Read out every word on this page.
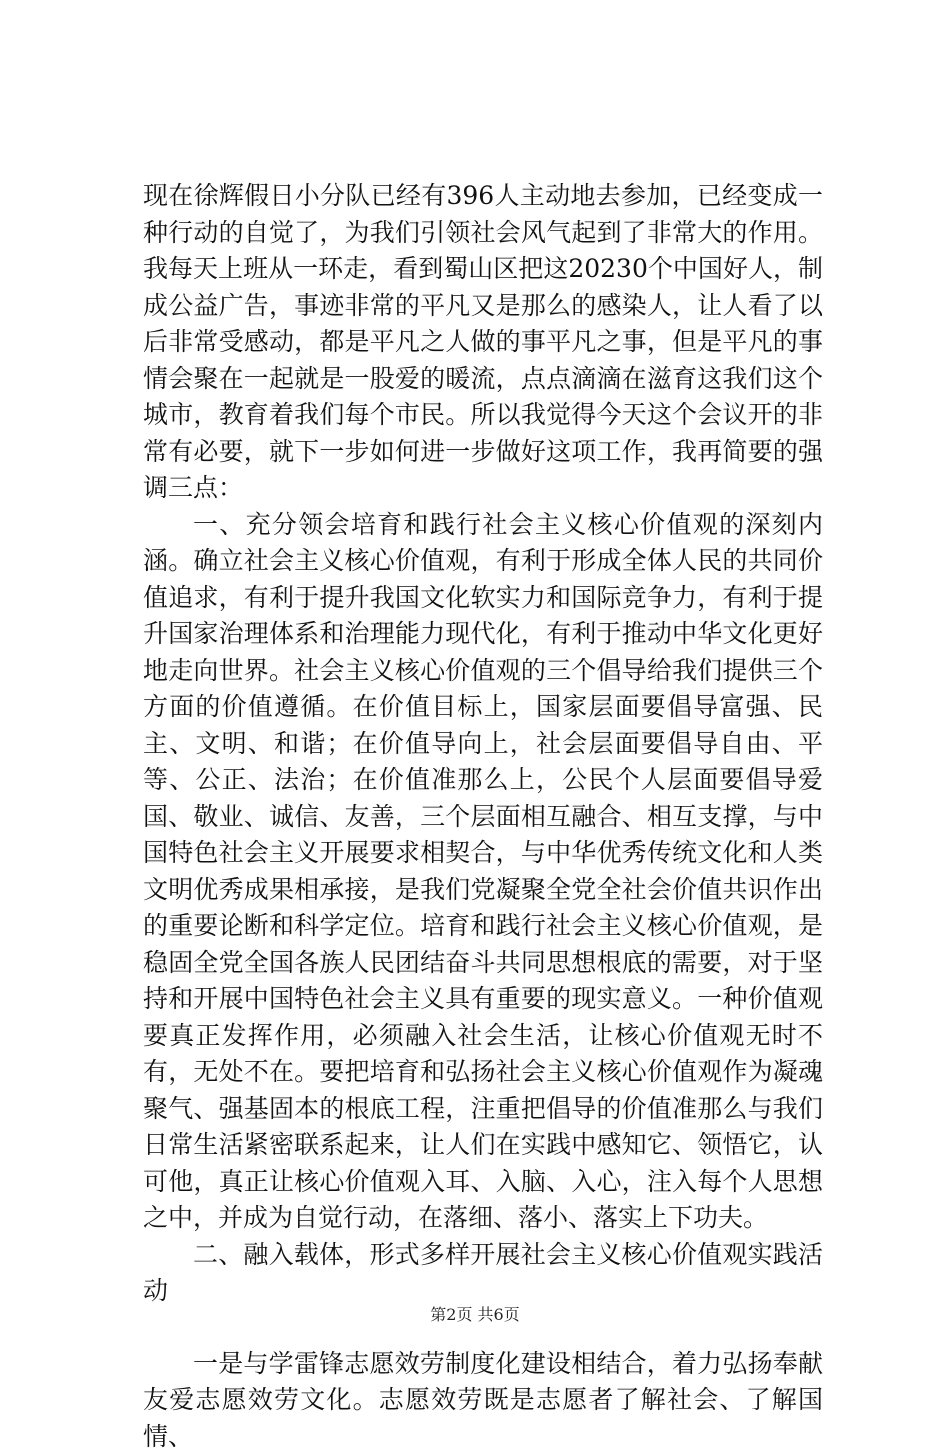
现在徐辉假日小分队已经有396人主动地去参加，已经变成一种行动的自觉了，为我们引领社会风气起到了非常大的作用。我每天上班从一环走，看到蜀山区把这20230个中国好人，制成公益广告，事迹非常的平凡又是那么的感染人，让人看了以后非常受感动，都是平凡之人做的事平凡之事，但是平凡的事情会聚在一起就是一股爱的暖流，点点滴滴在滋育这我们这个城市，教育着我们每个市民。所以我觉得今天这个会议开的非常有必要，就下一步如何进一步做好这项工作，我再简要的强调三点：

一、充分领会培育和践行社会主义核心价值观的深刻内涵。确立社会主义核心价值观，有利于形成全体人民的共同价值追求，有利于提升我国文化软实力和国际竞争力，有利于提升国家治理体系和治理能力现代化，有利于推动中华文化更好地走向世界。社会主义核心价值观的三个倡导给我们提供三个方面的价值遵循。在价值目标上，国家层面要倡导富强、民主、文明、和谐；在价值导向上，社会层面要倡导自由、平等、公正、法治；在价值准那么上，公民个人层面要倡导爱国、敬业、诚信、友善，三个层面相互融合、相互支撑，与中国特色社会主义开展要求相契合，与中华优秀传统文化和人类文明优秀成果相承接，是我们党凝聚全党全社会价值共识作出的重要论断和科学定位。培育和践行社会主义核心价值观，是稳固全党全国各族人民团结奋斗共同思想根底的需要，对于坚持和开展中国特色社会主义具有重要的现实意义。一种价值观要真正发挥作用，必须融入社会生活，让核心价值观无时不有，无处不在。要把培育和弘扬社会主义核心价值观作为凝魂聚气、强基固本的根底工程，注重把倡导的价值准那么与我们日常生活紧密联系起来，让人们在实践中感知它、领悟它，认可他，真正让核心价值观入耳、入脑、入心，注入每个人思想之中，并成为自觉行动，在落细、落小、落实上下功夫。

二、融入载体，形式多样开展社会主义核心价值观实践活动

一是与学雷锋志愿效劳制度化建设相结合，着力弘扬奉献友爱志愿效劳文化。志愿效劳既是志愿者了解社会、了解国情、

第2页 共6页
